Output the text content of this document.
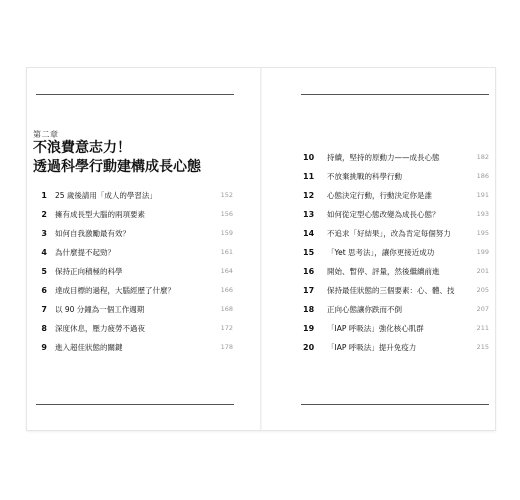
第二章
不浪費意志力！
透過科學行動建構成長心態
1 25 歲後請用「成人的學習法」	152
2 擁有成長型大腦的兩項要素	156
3 如何自我激勵最有效？	159
4 為什麼提不起勁？	161
5 保持正向積極的科學	164
6 達成目標的過程，大腦經歷了什麼？	166
7 以 90 分鐘為一個工作週期	168
8 深度休息，壓力疲勞不過夜	172
9 進入超佳狀態的關鍵	178
10	持續，堅持的原動力——成長心態	182
11	不放棄挑戰的科學行動	186
12	心態決定行動，行動決定你是誰	191
13	如何從定型心態改變為成長心態？	193
14	不追求「好結果」，改為肯定每個努力	195
15	「Yet 思考法」，讓你更接近成功	199
16	開始、暫停、評量，然後繼續前進	201
17	保持最佳狀態的三個要素：心、體、技	205
18	正向心態讓你跌而不倒	207
19	「IAP 呼吸法」強化核心肌群	211
20	「IAP 呼吸法」提升免疫力	215
